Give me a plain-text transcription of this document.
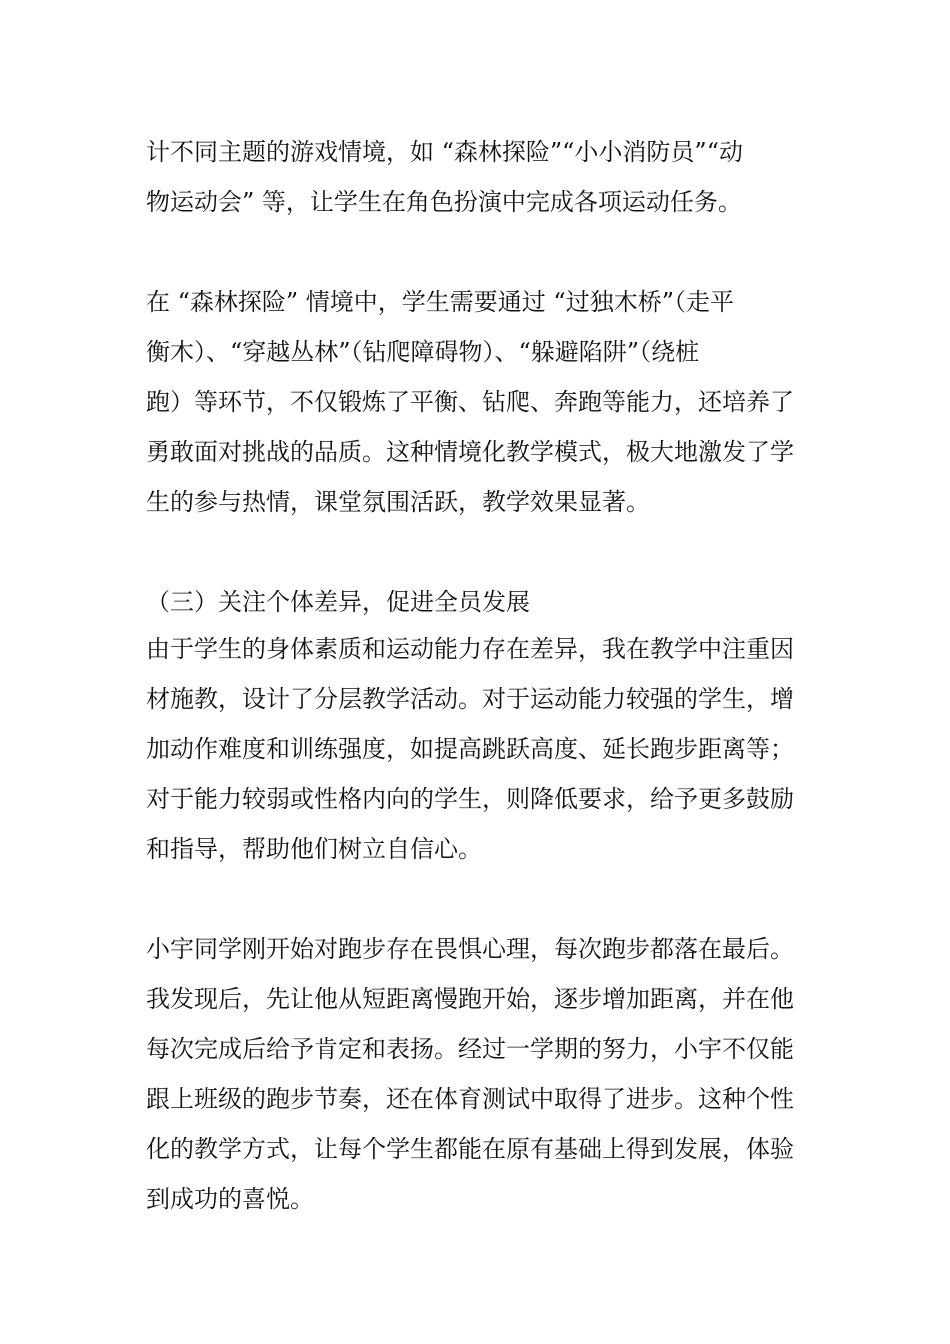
计不同主题的游戏情境，如 “森林探险”“小小消防员”“动

物运动会” 等，让学生在角色扮演中完成各项运动任务。

在 “森林探险” 情境中，学生需要通过 “过独木桥”（走平

衡木）、“穿越丛林”（钻爬障碍物）、“躲避陷阱”（绕桩

跑）等环节，不仅锻炼了平衡、钻爬、奔跑等能力，还培养了

勇敢面对挑战的品质。这种情境化教学模式，极大地激发了学

生的参与热情，课堂氛围活跃，教学效果显著。

（三）关注个体差异，促进全员发展

由于学生的身体素质和运动能力存在差异，我在教学中注重因

材施教，设计了分层教学活动。对于运动能力较强的学生，增

加动作难度和训练强度，如提高跳跃高度、延长跑步距离等；

对于能力较弱或性格内向的学生，则降低要求，给予更多鼓励

和指导，帮助他们树立自信心。

小宇同学刚开始对跑步存在畏惧心理，每次跑步都落在最后。

我发现后，先让他从短距离慢跑开始，逐步增加距离，并在他

每次完成后给予肯定和表扬。经过一学期的努力，小宇不仅能

跟上班级的跑步节奏，还在体育测试中取得了进步。这种个性

化的教学方式，让每个学生都能在原有基础上得到发展，体验

到成功的喜悦。
